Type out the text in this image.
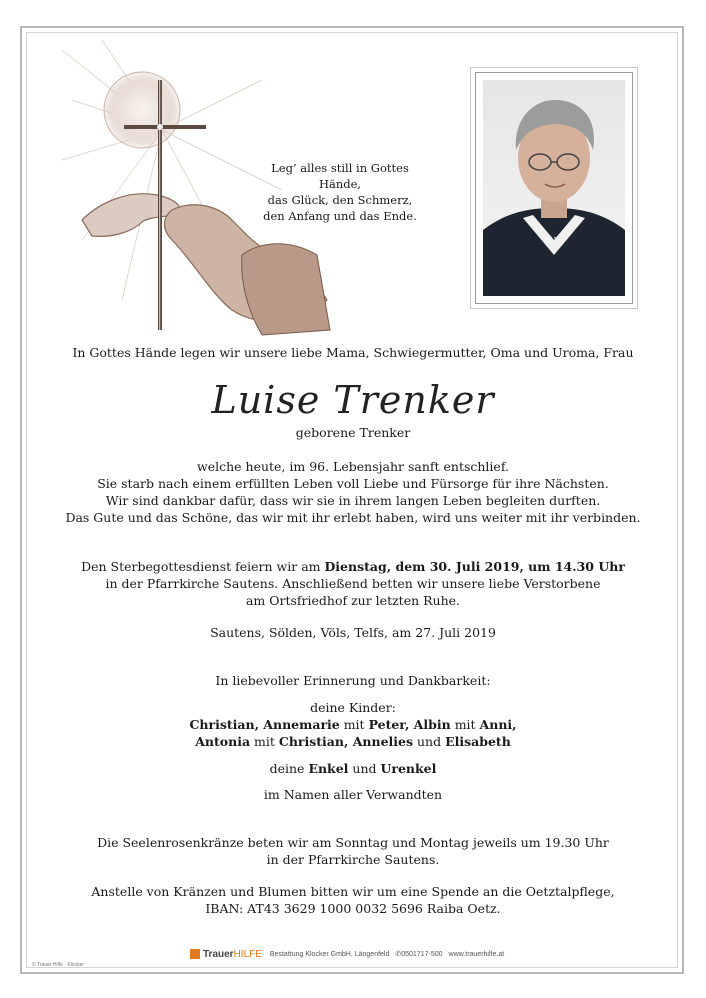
Leg’ alles still in Gottes Hände,
das Glück, den Schmerz,
den Anfang und das Ende.
In Gottes Hände legen wir unsere liebe Mama, Schwiegermutter, Oma und Uroma, Frau
Luise Trenker
geborene Trenker
welche heute, im 96. Lebensjahr sanft entschlief.
Sie starb nach einem erfüllten Leben voll Liebe und Fürsorge für ihre Nächsten.
Wir sind dankbar dafür, dass wir sie in ihrem langen Leben begleiten durften.
Das Gute und das Schöne, das wir mit ihr erlebt haben, wird uns weiter mit ihr verbinden.
Den Sterbegottesdienst feiern wir am Dienstag, dem 30. Juli 2019, um 14.30 Uhr
in der Pfarrkirche Sautens. Anschließend betten wir unsere liebe Verstorbene
am Ortsfriedhof zur letzten Ruhe.
Sautens, Sölden, Völs, Telfs, am 27. Juli 2019
In liebevoller Erinnerung und Dankbarkeit:
deine Kinder:
Christian, Annemarie mit Peter, Albin mit Anni,
Antonia mit Christian, Annelies und Elisabeth
deine Enkel und Urenkel
im Namen aller Verwandten
Die Seelenrosenkränze beten wir am Sonntag und Montag jeweils um 19.30 Uhr
in der Pfarrkirche Sautens.
Anstelle von Kränzen und Blumen bitten wir um eine Spende an die Oetztalpflege,
IBAN: AT43 3629 1000 0032 5696 Raiba Oetz.
TrauerHILFE Bestattung Klocker GmbH, Längenfeld ✆0501717-500 www.trauerhilfe.at
© Trauer Hilfe · Klocker
